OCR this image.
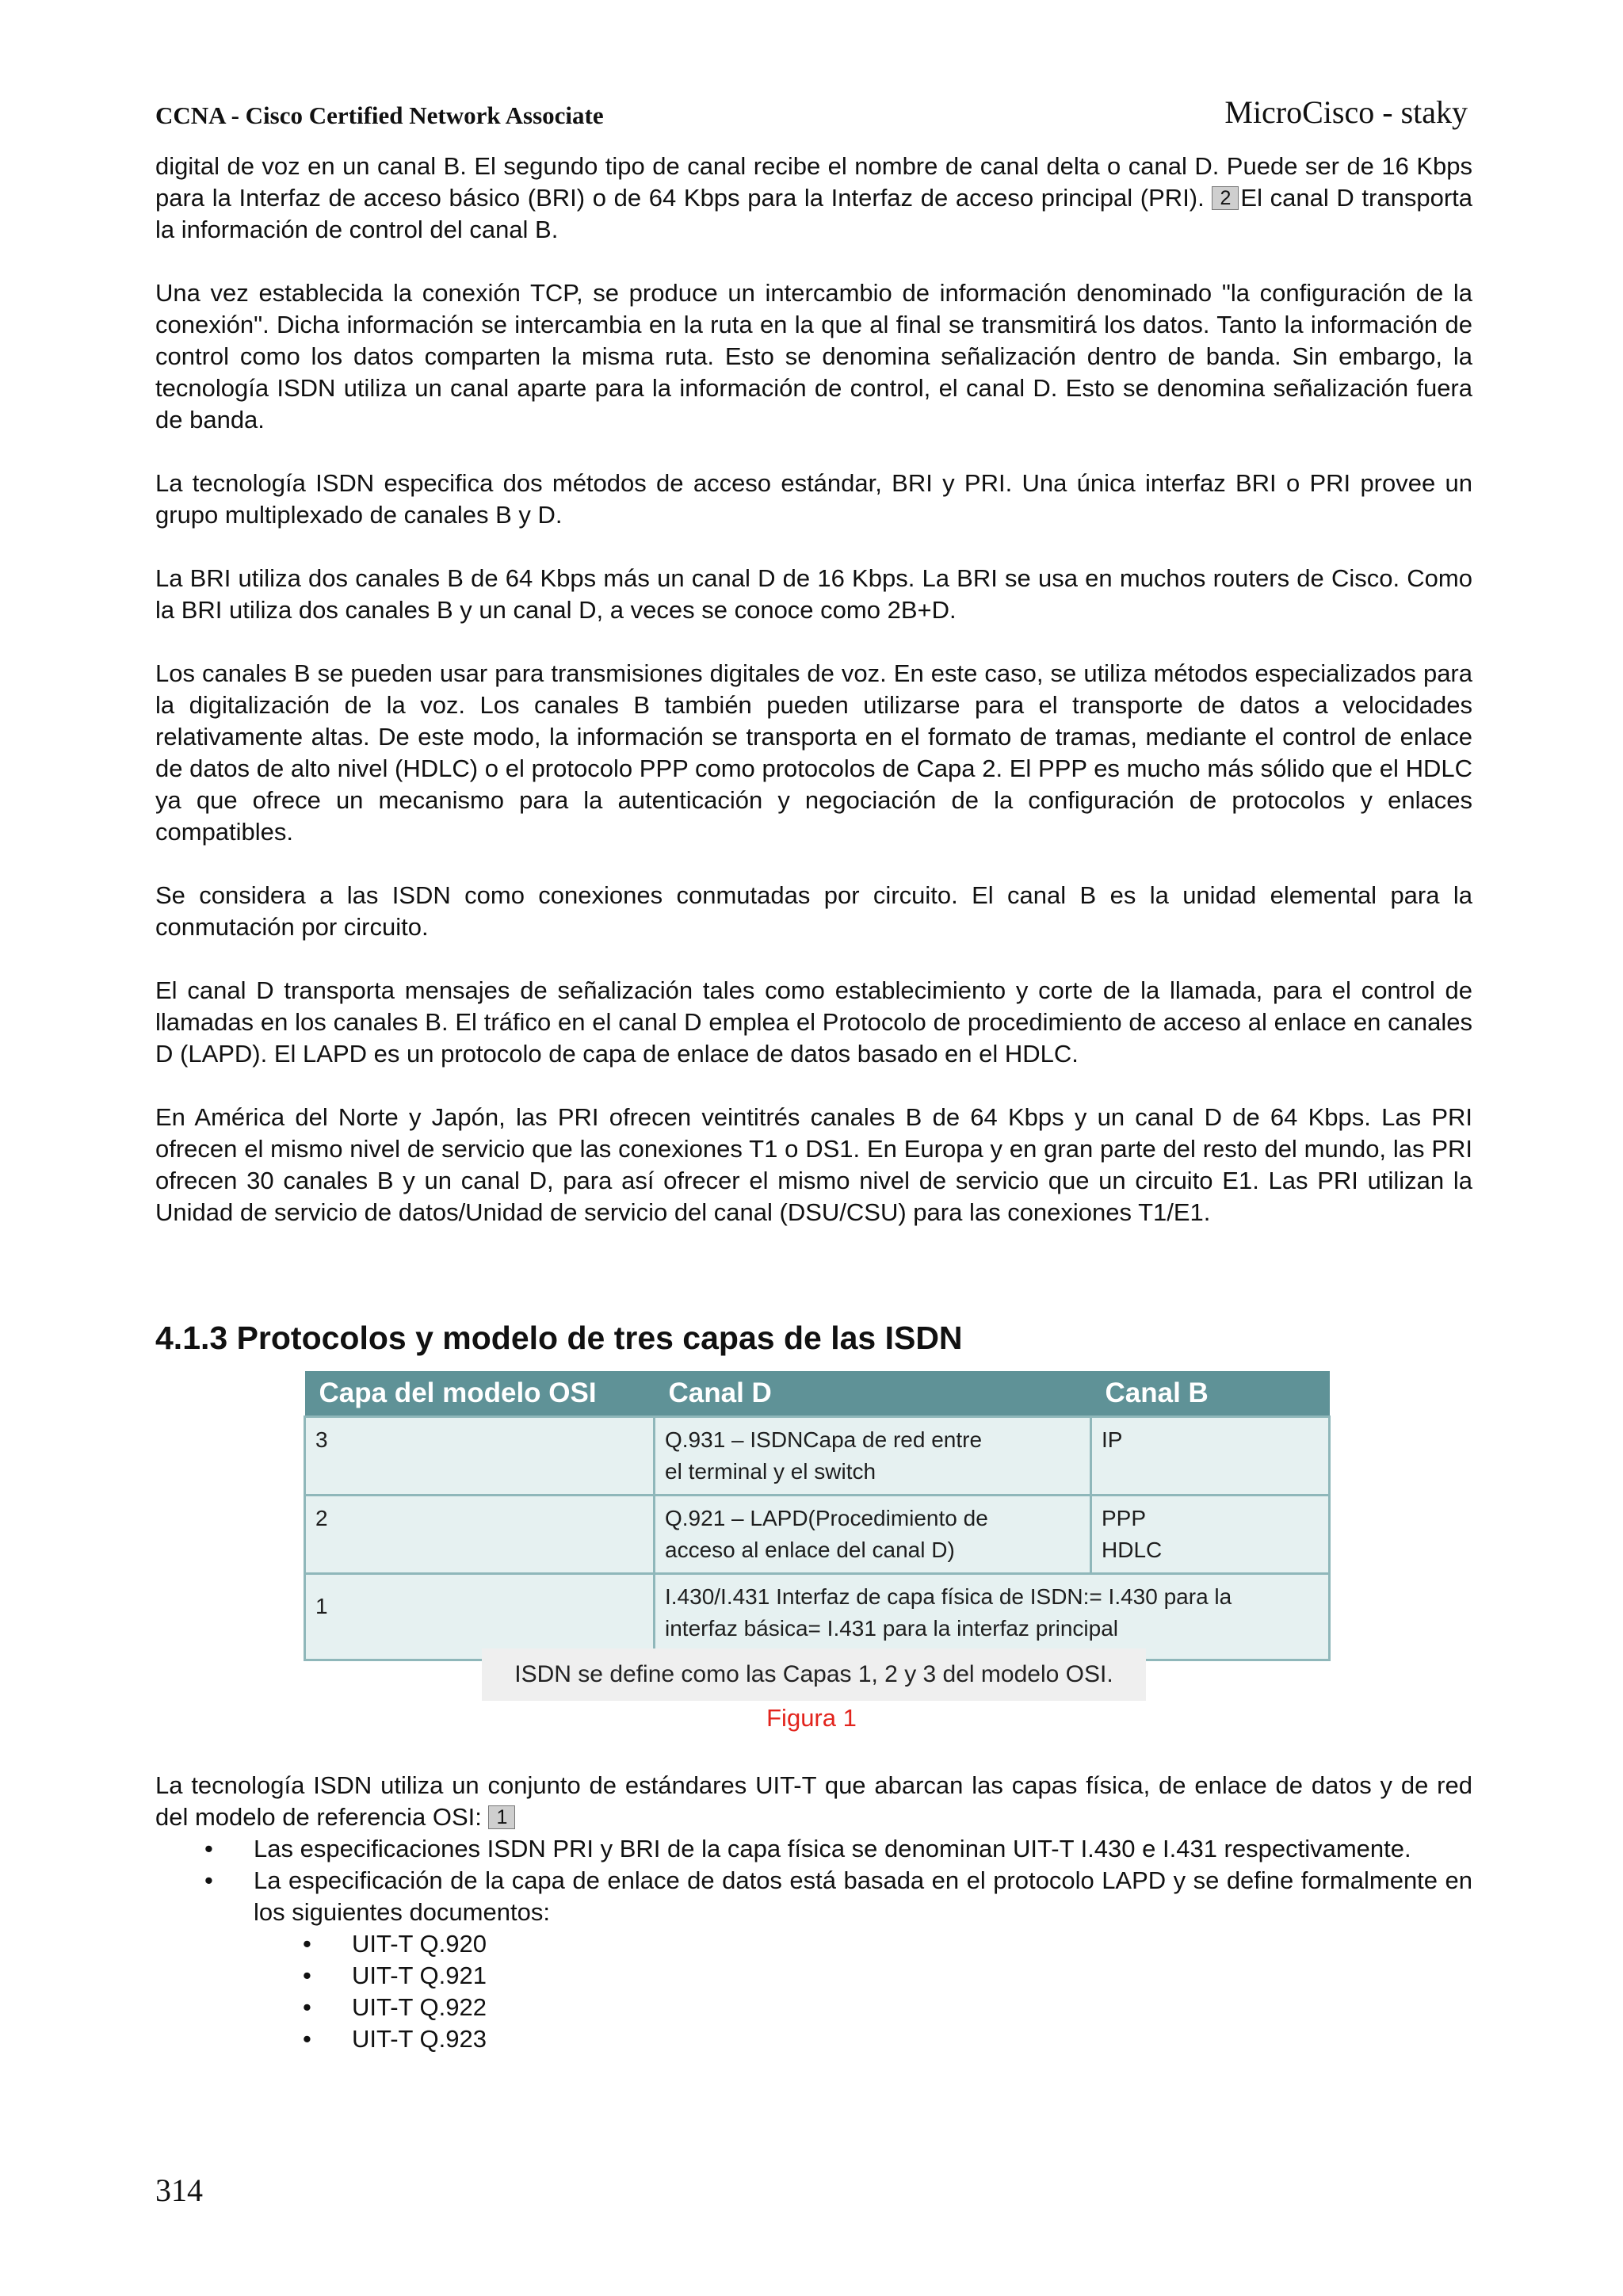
CCNA - Cisco Certified Network Associate	MicroCisco - staky

digital de voz en un canal B. El segundo tipo de canal recibe el nombre de canal delta o canal D. Puede ser de 16 Kbps para la Interfaz de acceso básico (BRI) o de 64 Kbps para la Interfaz de acceso principal (PRI). 2 El canal D transporta la información de control del canal B.

Una vez establecida la conexión TCP, se produce un intercambio de información denominado "la configuración de la conexión". Dicha información se intercambia en la ruta en la que al final se transmitirá los datos. Tanto la información de control como los datos comparten la misma ruta. Esto se denomina señalización dentro de banda. Sin embargo, la tecnología ISDN utiliza un canal aparte para la información de control, el canal D. Esto se denomina señalización fuera de banda.

La tecnología ISDN especifica dos métodos de acceso estándar, BRI y PRI. Una única interfaz BRI o PRI provee un grupo multiplexado de canales B y D.

La BRI utiliza dos canales B de 64 Kbps más un canal D de 16 Kbps. La BRI se usa en muchos routers de Cisco. Como la BRI utiliza dos canales B y un canal D, a veces se conoce como 2B+D.

Los canales B se pueden usar para transmisiones digitales de voz. En este caso, se utiliza métodos especializados para la digitalización de la voz. Los canales B también pueden utilizarse para el transporte de datos a velocidades relativamente altas. De este modo, la información se transporta en el formato de tramas, mediante el control de enlace de datos de alto nivel (HDLC) o el protocolo PPP como protocolos de Capa 2. El PPP es mucho más sólido que el HDLC ya que ofrece un mecanismo para la autenticación y negociación de la configuración de protocolos y enlaces compatibles.

Se considera a las ISDN como conexiones conmutadas por circuito. El canal B es la unidad elemental para la conmutación por circuito.

El canal D transporta mensajes de señalización tales como establecimiento y corte de la llamada, para el control de llamadas en los canales B. El tráfico en el canal D emplea el Protocolo de procedimiento de acceso al enlace en canales D (LAPD). El LAPD es un protocolo de capa de enlace de datos basado en el HDLC.

En América del Norte y Japón, las PRI ofrecen veintitrés canales B de 64 Kbps y un canal D de 64 Kbps. Las PRI ofrecen el mismo nivel de servicio que las conexiones T1 o DS1. En Europa y en gran parte del resto del mundo, las PRI ofrecen 30 canales B y un canal D, para así ofrecer el mismo nivel de servicio que un circuito E1. Las PRI utilizan la Unidad de servicio de datos/Unidad de servicio del canal (DSU/CSU) para las conexiones T1/E1.

4.1.3 Protocolos y modelo de tres capas de las ISDN
Capa del modelo OSI	Canal D	Canal B
3	Q.931 – ISDNCapa de red entre
el terminal y el switch	IP

2	Q.921 – LAPD(Procedimiento de
acceso al enlace del canal D)	PPP
HDLC

1	I.430/I.431 Interfaz de capa física de ISDN:= I.430 para la
interfaz básica= I.431 para la interfaz principal	
ISDN se define como las Capas 1, 2 y 3 del modelo OSI.
Figura 1
La tecnología ISDN utiliza un conjunto de estándares UIT-T que abarcan las capas física, de enlace de datos y de red del modelo de referencia OSI: 1
• Las especificaciones ISDN PRI y BRI de la capa física se denominan UIT-T I.430 e I.431 respectivamente.
• La especificación de la capa de enlace de datos está basada en el protocolo LAPD y se define formalmente en los siguientes documentos:
• UIT-T Q.920
• UIT-T Q.921
• UIT-T Q.922
• UIT-T Q.923
314
